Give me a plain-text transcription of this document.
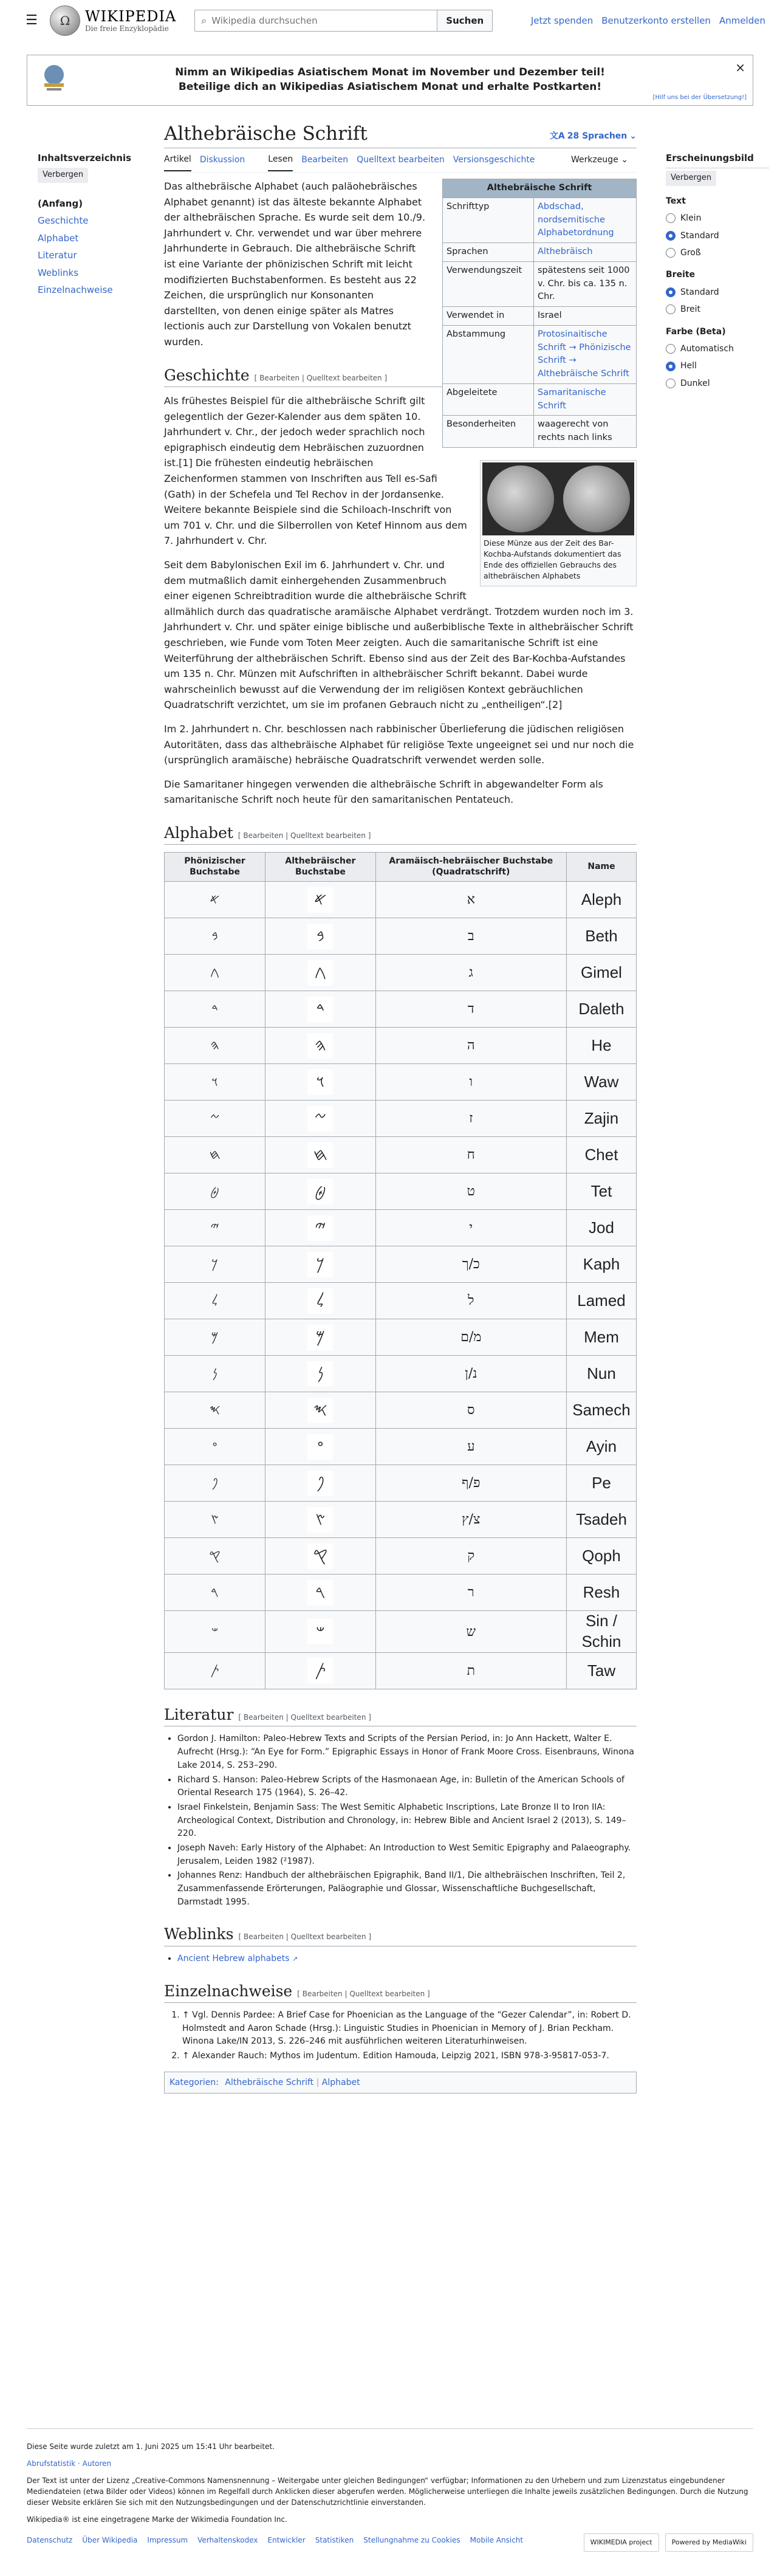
☰	Ω	WIKIPEDIA
Die freie Enzyklopädie
⌕
Wikipedia durchsuchen	Suchen	Jetzt spenden Benutzerkonto erstellen Anmelden
Nimm an Wikipedias Asiatischem Monat im November und Dezember teil!
Beteilige dich an Wikipedias Asiatischem Monat und erhalte Postkarten!
×
[Hilf uns bei der Übersetzung!]
Inhaltsverzeichnis
Verbergen
(Anfang)
Geschichte
Alphabet
Literatur
Weblinks
Einzelnachweise
Althebräische Schrift	文A 28 Sprachen ⌄
Artikel Diskussion	Lesen Bearbeiten Quelltext bearbeiten Versionsgeschichte	Werkzeuge ⌄
Althebräische Schrift	
Schrifttyp	Abdschad, nordsemitische Alphabetordnung
Sprachen	Althebräisch
Verwendungszeit	spätestens seit 1000 v. Chr. bis ca. 135 n. Chr.
Verwendet in	Israel
Abstammung	Protosinaitische Schrift → Phönizische Schrift → Althebräische Schrift
Abgeleitete	Samaritanische Schrift
Besonderheiten	waagerecht von rechts nach links

Das althebräische Alphabet (auch paläohebräisches Alphabet genannt) ist das älteste bekannte Alphabet der althebräischen Sprache. Es wurde seit dem 10./9. Jahrhundert v. Chr. verwendet und war über mehrere Jahrhunderte in Gebrauch. Die althebräische Schrift ist eine Variante der phönizischen Schrift mit leicht modifizierten Buchstabenformen. Es besteht aus 22 Zeichen, die ursprünglich nur Konsonanten darstellten, von denen einige später als Matres lectionis auch zur Darstellung von Vokalen benutzt wurden.

Geschichte [ Bearbeiten | Quelltext bearbeiten ]
Diese Münze aus der Zeit des Bar-Kochba-Aufstands dokumentiert das Ende des offiziellen Gebrauchs des althebräischen Alphabets

Als frühestes Beispiel für die althebräische Schrift gilt gelegentlich der Gezer-Kalender aus dem späten 10. Jahrhundert v. Chr., der jedoch weder sprachlich noch epigraphisch eindeutig dem Hebräischen zuzuordnen ist.[1] Die frühesten eindeutig hebräischen Zeichenformen stammen von Inschriften aus Tell es-Safi (Gath) in der Schefela und Tel Rechov in der Jordansenke. Weitere bekannte Beispiele sind die Schiloach-Inschrift von um 701 v. Chr. und die Silberrollen von Ketef Hinnom aus dem 7. Jahrhundert v. Chr.

Seit dem Babylonischen Exil im 6. Jahrhundert v. Chr. und dem mutmaßlich damit einhergehenden Zusammenbruch einer eigenen Schreibtradition wurde die althebräische Schrift allmählich durch das quadratische aramäische Alphabet verdrängt. Trotzdem wurden noch im 3. Jahrhundert v. Chr. und später einige biblische und außerbiblische Texte in althebräischer Schrift geschrieben, wie Funde vom Toten Meer zeigten. Auch die samaritanische Schrift ist eine Weiterführung der althebräischen Schrift. Ebenso sind aus der Zeit des Bar-Kochba-Aufstandes um 135 n. Chr. Münzen mit Aufschriften in althebräischer Schrift bekannt. Dabei wurde wahrscheinlich bewusst auf die Verwendung der im religiösen Kontext gebräuchlichen Quadratschrift verzichtet, um sie im profanen Gebrauch nicht zu „entheiligen“.[2]

Im 2. Jahrhundert n. Chr. beschlossen nach rabbinischer Überlieferung die jüdischen religiösen Autoritäten, dass das althebräische Alphabet für religiöse Texte ungeeignet sei und nur noch die (ursprünglich aramäische) hebräische Quadratschrift verwendet werden solle.

Die Samaritaner hingegen verwenden die althebräische Schrift in abgewandelter Form als samaritanische Schrift noch heute für den samaritanischen Pentateuch.

Alphabet [ Bearbeiten | Quelltext bearbeiten ]
Phönizischer Buchstabe	Althebräischer Buchstabe	Aramäisch-hebräischer Buchstabe (Quadratschrift)	Name
𐤀	𐤀	א	Aleph
𐤁	𐤁	ב	Beth
𐤂	𐤂	ג	Gimel
𐤃	𐤃	ד	Daleth
𐤄	𐤄	ה	He
𐤅	𐤅	ו	Waw
𐤆	𐤆	ז	Zajin
𐤇	𐤇	ח	Chet
𐤈	𐤈	ט	Tet
𐤉	𐤉	י	Jod
𐤊	𐤊	כ/ך	Kaph
𐤋	𐤋	ל	Lamed
𐤌	𐤌	מ/ם	Mem
𐤍	𐤍	נ/ן	Nun
𐤎	𐤎	ס	Samech
𐤏	𐤏	ע	Ayin
𐤐	𐤐	פ/ף	Pe
𐤑	𐤑	צ/ץ	Tsadeh
𐤒	𐤒	ק	Qoph
𐤓	𐤓	ר	Resh
𐤔	𐤔	ש	Sin / Schin
𐤕	𐤕	ת	Taw
Literatur [ Bearbeiten | Quelltext bearbeiten ]
• Gordon J. Hamilton: Paleo-Hebrew Texts and Scripts of the Persian Period, in: Jo Ann Hackett, Walter E. Aufrecht (Hrsg.): “An Eye for Form.” Epigraphic Essays in Honor of Frank Moore Cross. Eisenbrauns, Winona Lake 2014, S. 253–290.
• Richard S. Hanson: Paleo-Hebrew Scripts of the Hasmonaean Age, in: Bulletin of the American Schools of Oriental Research 175 (1964), S. 26–42.
• Israel Finkelstein, Benjamin Sass: The West Semitic Alphabetic Inscriptions, Late Bronze II to Iron IIA: Archeological Context, Distribution and Chronology, in: Hebrew Bible and Ancient Israel 2 (2013), S. 149–220.
• Joseph Naveh: Early History of the Alphabet: An Introduction to West Semitic Epigraphy and Palaeography. Jerusalem, Leiden 1982 (²1987).
• Johannes Renz: Handbuch der althebräischen Epigraphik, Band II/1, Die althebräischen Inschriften, Teil 2, Zusammenfassende Erörterungen, Paläographie und Glossar, Wissenschaftliche Buchgesellschaft, Darmstadt 1995.
Weblinks [ Bearbeiten | Quelltext bearbeiten ]
• Ancient Hebrew alphabets ↗
Einzelnachweise [ Bearbeiten | Quelltext bearbeiten ]
1. ↑ Vgl. Dennis Pardee: A Brief Case for Phoenician as the Language of the “Gezer Calendar”, in: Robert D. Holmstedt and Aaron Schade (Hrsg.): Linguistic Studies in Phoenician in Memory of J. Brian Peckham. Winona Lake/IN 2013, S. 226–246 mit ausführlichen weiteren Literaturhinweisen.
2. ↑ Alexander Rauch: Mythos im Judentum. Edition Hamouda, Leipzig 2021, ISBN 978-3-95817-053-7.
Kategorien: Althebräische Schrift | Alphabet
Erscheinungsbild
Verbergen
Text
Klein
Standard
Groß
Breite
Standard
Breit
Farbe (Beta)
Automatisch
Hell
Dunkel

Diese Seite wurde zuletzt am 1. Juni 2025 um 15:41 Uhr bearbeitet.

Abrufstatistik · Autoren

Der Text ist unter der Lizenz „Creative-Commons Namensnennung – Weitergabe unter gleichen Bedingungen“ verfügbar; Informationen zu den Urhebern und zum Lizenzstatus eingebundener Mediendateien (etwa Bilder oder Videos) können im Regelfall durch Anklicken dieser abgerufen werden. Möglicherweise unterliegen die Inhalte jeweils zusätzlichen Bedingungen. Durch die Nutzung dieser Website erklären Sie sich mit den Nutzungsbedingungen und der Datenschutzrichtlinie einverstanden.

Wikipedia® ist eine eingetragene Marke der Wikimedia Foundation Inc.

Datenschutz Über Wikipedia Impressum Verhaltenskodex Entwickler Statistiken Stellungnahme zu Cookies Mobile Ansicht	WIKIMEDIA project	Powered by MediaWiki
